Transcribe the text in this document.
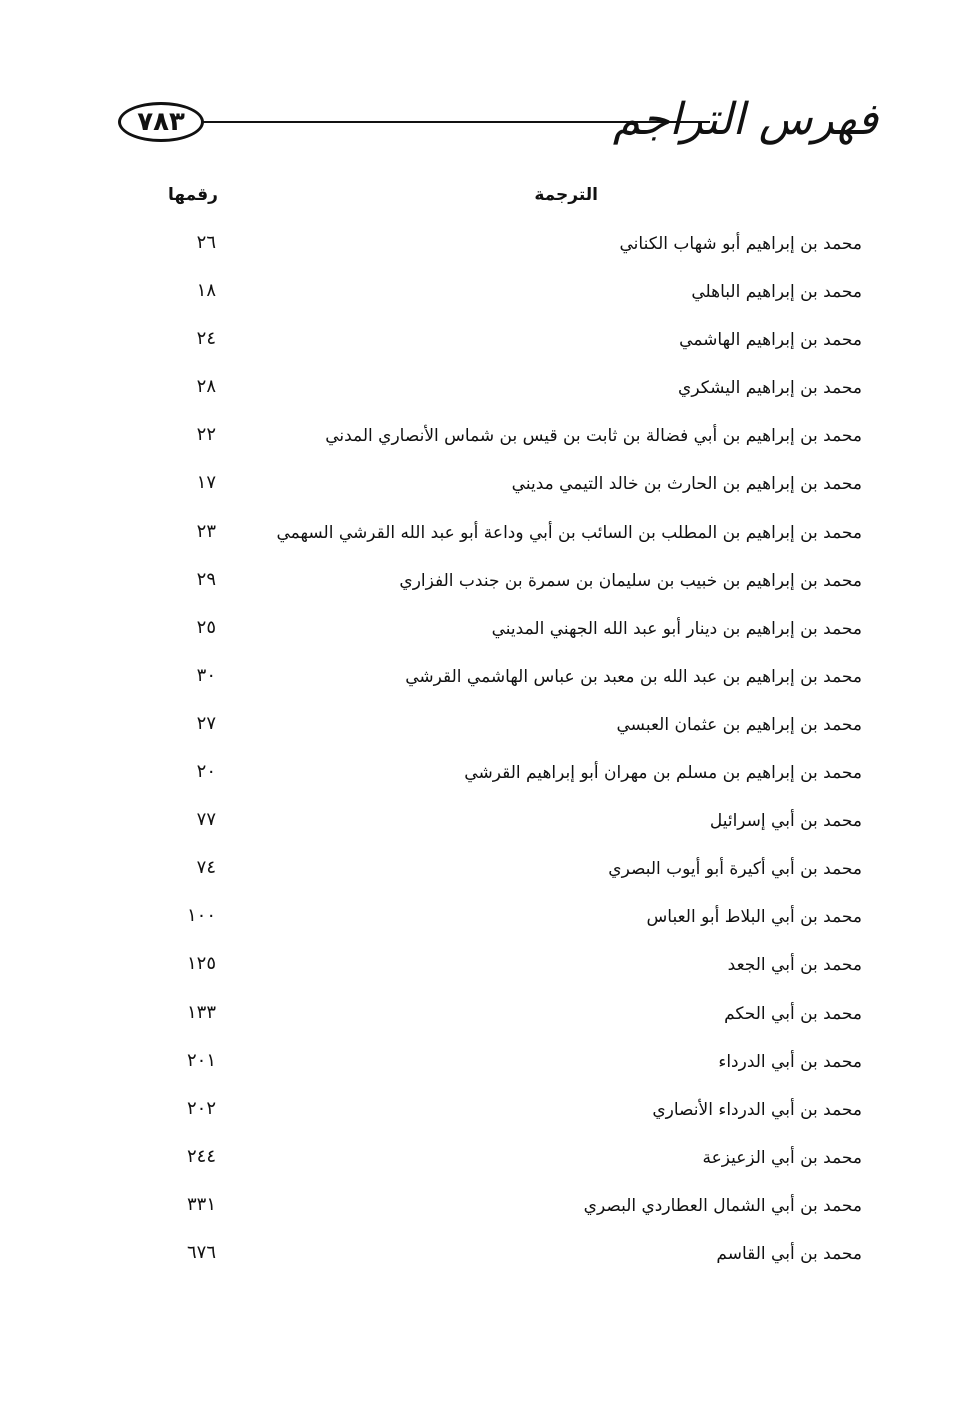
٧٨٣	فهرس التراجم
الترجمة
رقمها
محمد بن إبراهيم أبو شهاب الكناني
٢٦
محمد بن إبراهيم الباهلي
١٨
محمد بن إبراهيم الهاشمي
٢٤
محمد بن إبراهيم اليشكري
٢٨
محمد بن إبراهيم بن أبي فضالة بن ثابت بن قيس بن شماس الأنصاري المدني
٢٢
محمد بن إبراهيم بن الحارث بن خالد التيمي مديني
١٧
محمد بن إبراهيم بن المطلب بن السائب بن أبي وداعة أبو عبد الله القرشي السهمي
٢٣
محمد بن إبراهيم بن خبيب بن سليمان بن سمرة بن جندب الفزاري
٢٩
محمد بن إبراهيم بن دينار أبو عبد الله الجهني المديني
٢٥
محمد بن إبراهيم بن عبد الله بن معبد بن عباس الهاشمي القرشي
٣٠
محمد بن إبراهيم بن عثمان العبسي
٢٧
محمد بن إبراهيم بن مسلم بن مهران أبو إبراهيم القرشي
٢٠
محمد بن أبي إسرائيل
٧٧
محمد بن أبي أكيرة أبو أيوب البصري
٧٤
محمد بن أبي البلاط أبو العباس
١٠٠
محمد بن أبي الجعد
١٢٥
محمد بن أبي الحكم
١٣٣
محمد بن أبي الدرداء
٢٠١
محمد بن أبي الدرداء الأنصاري
٢٠٢
محمد بن أبي الزعيزعة
٢٤٤
محمد بن أبي الشمال العطاردي البصري
٣٣١
محمد بن أبي القاسم
٦٧٦
